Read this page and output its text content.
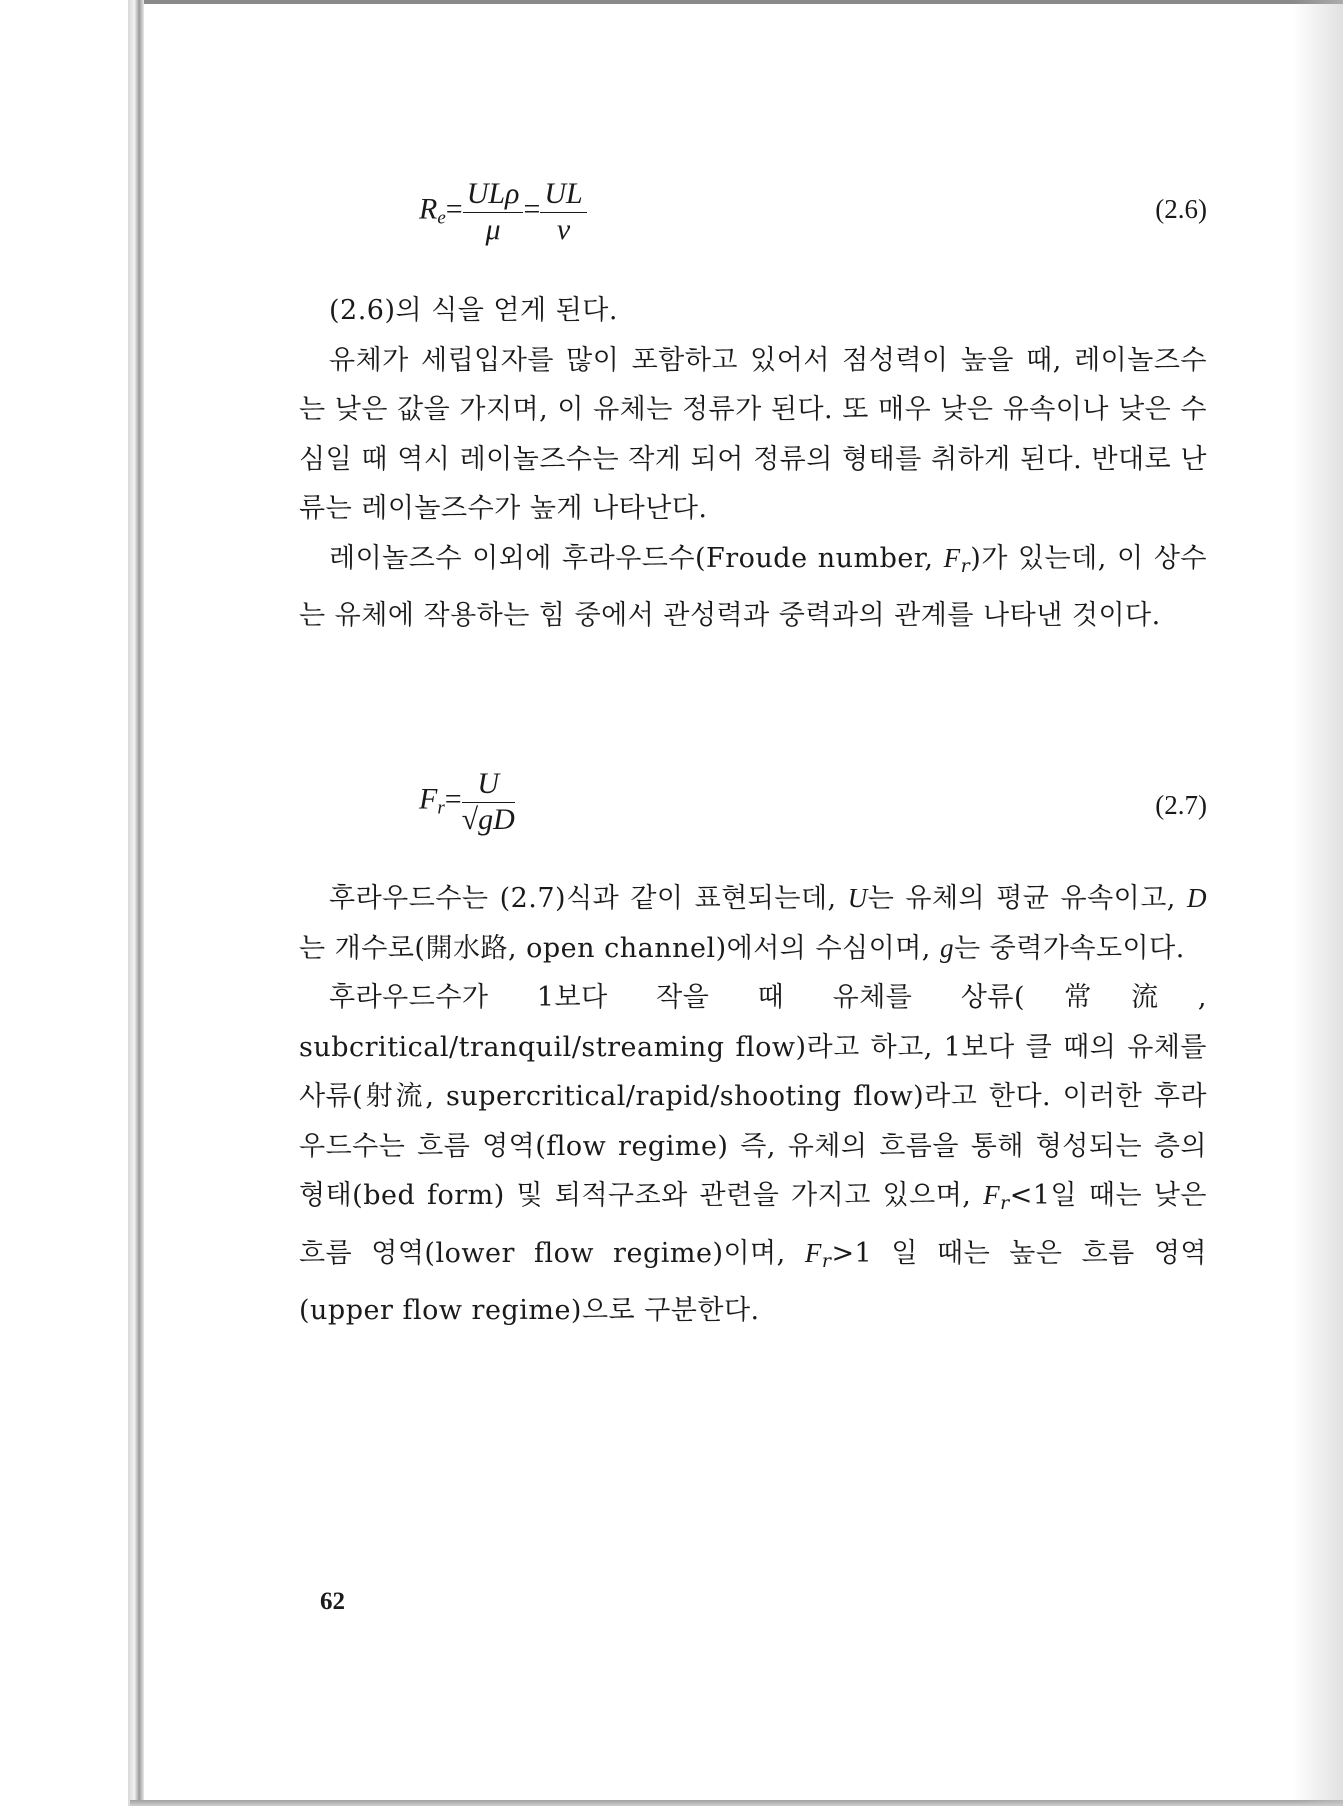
$R_e= \frac{\text{ULρ}}{\mu} = \frac{UL}{\nu}$	(2.6)

(2.6)의 식을 얻게 된다.

유체가 세립입자를 많이 포함하고 있어서 점성력이 높을 때, 레이놀즈수는 낮은 값을 가지며, 이 유체는 정류가 된다. 또 매우 낮은 유속이나 낮은 수심일 때 역시 레이놀즈수는 작게 되어 정류의 형태를 취하게 된다. 반대로 난류는 레이놀즈수가 높게 나타난다.

레이놀즈수 이외에 후라우드수(Froude number, $F_r$)가 있는데, 이 상수는 유체에 작용하는 힘 중에서 관성력과 중력과의 관계를 나타낸 것이다.

$F_r= \frac{U}{√gD}$	(2.7)

후라우드수는 (2.7)식과 같이 표현되는데, U는 유체의 평균 유속이고, D는 개수로(開水路, open channel)에서의 수심이며, g는 중력가속도이다.

후라우드수가 1보다 작을 때 유체를 상류(常流, subcritical/tranquil/streaming flow)라고 하고, 1보다 클 때의 유체를 사류(射流, supercritical/rapid/shooting flow)라고 한다. 이러한 후라우드수는 흐름 영역(flow regime) 즉, 유체의 흐름을 통해 형성되는 층의 형태(bed form) 및 퇴적구조와 관련을 가지고 있으며, $F_r<1$일 때는 낮은 흐름 영역(lower flow regime)이며, $F_r>1$ 일 때는 높은 흐름 영역(upper flow regime)으로 구분한다.

62
